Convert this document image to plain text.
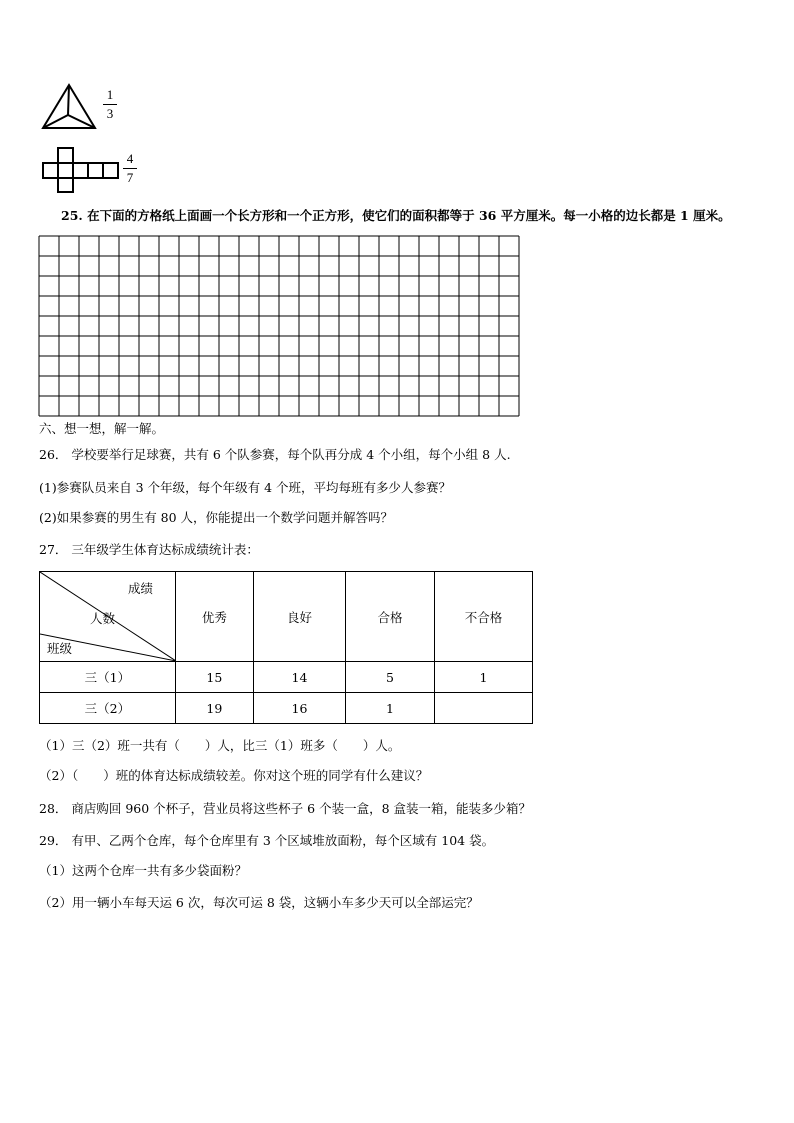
1
3
4
7
25. 在下面的方格纸上面画一个长方形和一个正方形，使它们的面积都等于 36 平方厘米。每一小格的边长都是 1 厘米。
六、想一想，解一解。
26． 学校要举行足球赛，共有 6 个队参赛，每个队再分成 4 个小组，每个小组 8 人.
(1)参赛队员来自 3 个年级，每个年级有 4 个班，平均每班有多少人参赛？
(2)如果参赛的男生有 80 人，你能提出一个数学问题并解答吗？
27． 三年级学生体育达标成绩统计表：
成绩
人数
班级	优秀	良好	合格	不合格
三（1）	15	14	5	1
三（2）	19	16	1	
（1）三（2）班一共有（　　）人，比三（1）班多（　　）人。
（2）（　　）班的体育达标成绩较差。你对这个班的同学有什么建议？
28． 商店购回 960 个杯子，营业员将这些杯子 6 个装一盒，8 盒装一箱，能装多少箱？
29． 有甲、乙两个仓库，每个仓库里有 3 个区域堆放面粉，每个区域有 104 袋。
（1）这两个仓库一共有多少袋面粉？
（2）用一辆小车每天运 6 次，每次可运 8 袋，这辆小车多少天可以全部运完？
